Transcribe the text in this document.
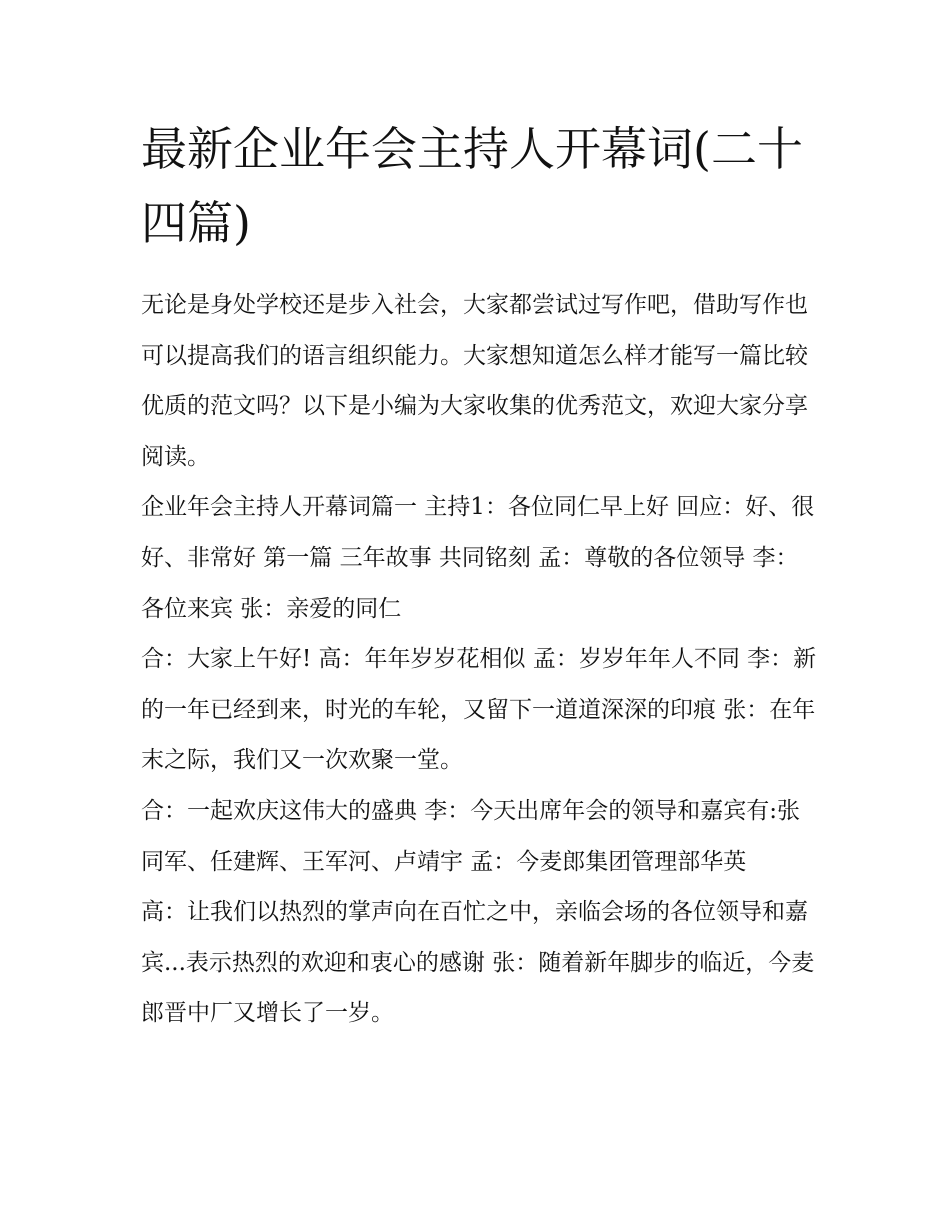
最新企业年会主持人开幕词(二十四篇)

无论是身处学校还是步入社会，大家都尝试过写作吧，借助写作也可以提高我们的语言组织能力。大家想知道怎么样才能写一篇比较优质的范文吗？以下是小编为大家收集的优秀范文，欢迎大家分享阅读。

企业年会主持人开幕词篇一 主持1：各位同仁早上好 回应：好、很好、非常好 第一篇 三年故事 共同铭刻 孟：尊敬的各位领导 李：各位来宾 张：亲爱的同仁

合：大家上午好! 高：年年岁岁花相似 孟：岁岁年年人不同 李：新的一年已经到来，时光的车轮，又留下一道道深深的印痕 张：在年末之际，我们又一次欢聚一堂。

合：一起欢庆这伟大的盛典 李：今天出席年会的领导和嘉宾有:张同军、任建辉、王军河、卢靖宇 孟：今麦郎集团管理部华英

高：让我们以热烈的掌声向在百忙之中，亲临会场的各位领导和嘉宾...表示热烈的欢迎和衷心的感谢 张：随着新年脚步的临近，今麦郎晋中厂又增长了一岁。
